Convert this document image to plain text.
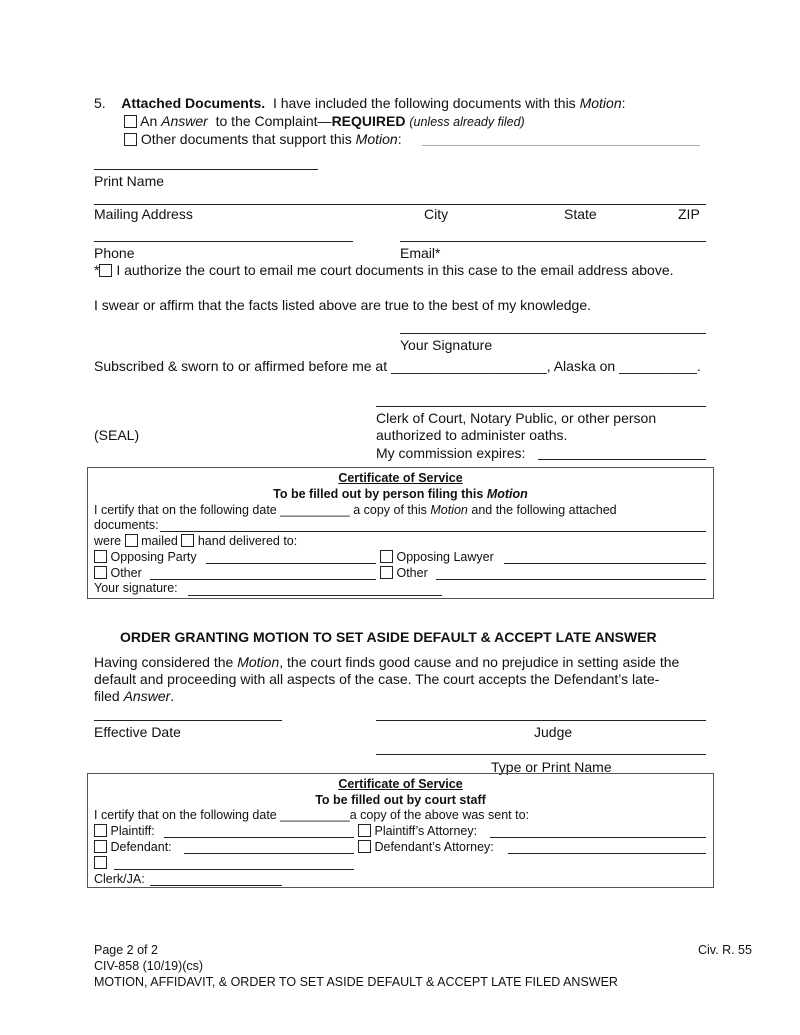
5. Attached Documents. I have included the following documents with this Motion:
An Answer to the Complaint—REQUIRED (unless already filed)
Other documents that support this Motion:
Print Name
Mailing Address	City	State	ZIP
Phone	Email*
* I authorize the court to email me court documents in this case to the email address above.
I swear or affirm that the facts listed above are true to the best of my knowledge.
Your Signature
Subscribed & sworn to or affirmed before me at ____________________, Alaska on __________.
Clerk of Court, Notary Public, or other person
authorized to administer oaths.
(SEAL)
My commission expires:
Certificate of Service
To be filled out by person filing this Motion
I certify that on the following date __________ a copy of this Motion and the following attached
documents:
were mailed hand delivered to:
Opposing Party	Opposing Lawyer
Other	Other
Your signature:
ORDER GRANTING MOTION TO SET ASIDE DEFAULT & ACCEPT LATE ANSWER
Having considered the Motion, the court finds good cause and no prejudice in setting aside the
default and proceeding with all aspects of the case. The court accepts the Defendant’s late-
filed Answer.
Effective Date	Judge
Type or Print Name
Certificate of Service
To be filled out by court staff
I certify that on the following date __________a copy of the above was sent to:
Plaintiff:	Plaintiff’s Attorney:
Defendant:	Defendant’s Attorney:
Clerk/JA:
Page 2 of 2	Civ. R. 55
CIV-858 (10/19)(cs)
MOTION, AFFIDAVIT, & ORDER TO SET ASIDE DEFAULT & ACCEPT LATE FILED ANSWER
